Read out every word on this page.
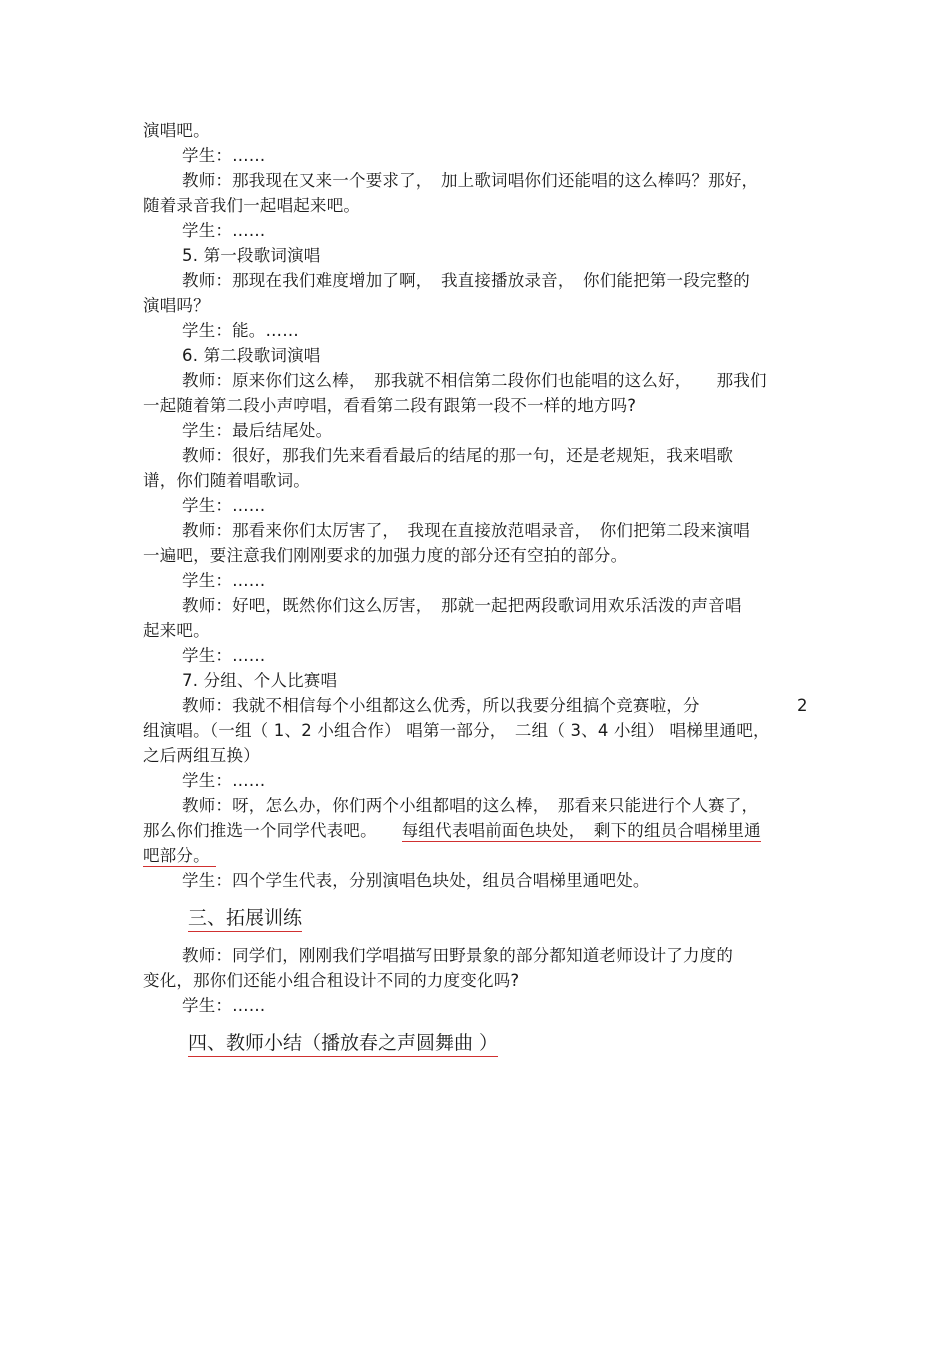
演唱吧。
学生：……
教师：那我现在又来一个要求了，　加上歌词唱你们还能唱的这么棒吗？那好，
随着录音我们一起唱起来吧。
学生：……
5. 第一段歌词演唱
教师：那现在我们难度增加了啊，　我直接播放录音，　你们能把第一段完整的
演唱吗？
学生：能。……
6. 第二段歌词演唱
教师：原来你们这么棒，　那我就不相信第二段你们也能唱的这么好，　　那我们
一起随着第二段小声哼唱，看看第二段有跟第一段不一样的地方吗?
学生：最后结尾处。
教师：很好，那我们先来看看最后的结尾的那一句，还是老规矩，我来唱歌
谱，你们随着唱歌词。
学生：……
教师：那看来你们太厉害了，　我现在直接放范唱录音，　你们把第二段来演唱
一遍吧，要注意我们刚刚要求的加强力度的部分还有空拍的部分。
学生：……
教师：好吧，既然你们这么厉害，　那就一起把两段歌词用欢乐活泼的声音唱
起来吧。
学生：……
7. 分组、个人比赛唱
教师：我就不相信每个小组都这么优秀，所以我要分组搞个竞赛啦，分	2
组演唱。（一组（ 1、2 小组合作） 唱第一部分，　二组（ 3、4 小组） 唱梯里通吧，
之后两组互换）
学生：……
教师：呀，怎么办，你们两个小组都唱的这么棒，　那看来只能进行个人赛了，
那么你们推选一个同学代表吧。 每组代表唱前面色块处，　剩下的组员合唱梯里通
吧部分。
学生：四个学生代表，分别演唱色块处，组员合唱梯里通吧处。
三、拓展训练
教师：同学们，刚刚我们学唱描写田野景象的部分都知道老师设计了力度的
变化，那你们还能小组合租设计不同的力度变化吗?
学生：……
四、教师小结（播放春之声圆舞曲 ）
